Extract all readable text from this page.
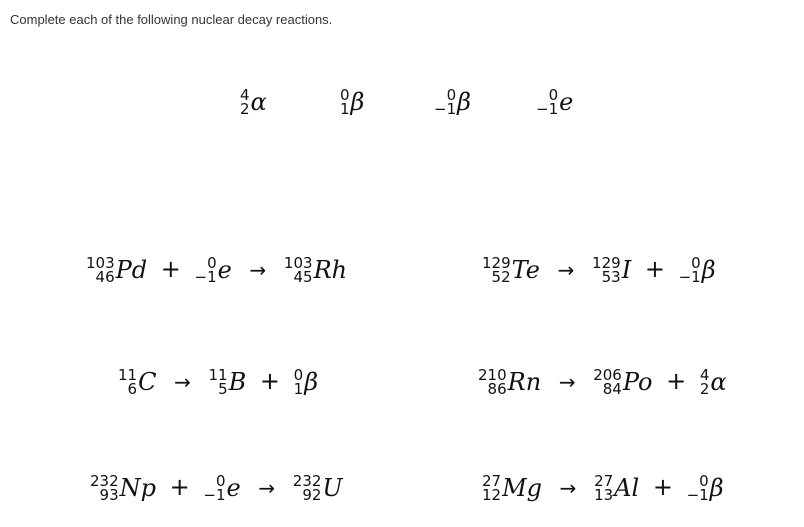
Complete each of the following nuclear decay reactions.

4
2 α	0
1 β	0
−1 β	0
−1 e
103
46 Pd + 0
−1 e → 103
45 Rh	129
52 Te → 129
53 I + 0
−1 β
11
6 C → 11
5 B + 0
1 β	210
86 Rn → 206
84 Po + 4
2 α
232
93 Np + 0
−1 e → 232
92 U	27
12 Mg → 27
13 Al + 0
−1 β
